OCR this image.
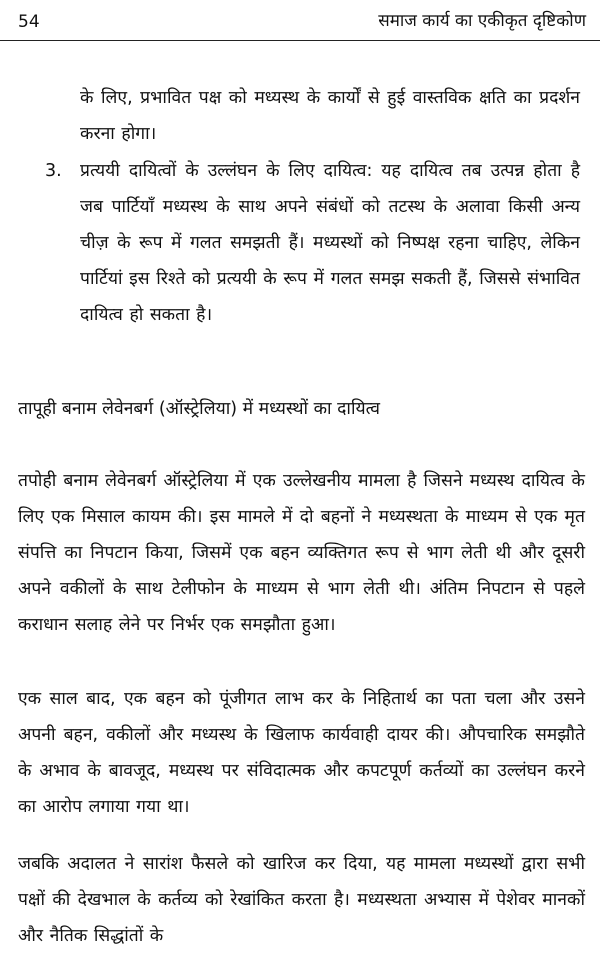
54	समाज कार्य का एकीकृत दृष्टिकोण

के लिए, प्रभावित पक्ष को मध्यस्थ के कार्यों से हुई वास्तविक क्षति का प्रदर्शन करना होगा।

3. प्रत्ययी दायित्वों के उल्लंघन के लिए दायित्व: यह दायित्व तब उत्पन्न होता है जब पार्टियाँ मध्यस्थ के साथ अपने संबंधों को तटस्थ के अलावा किसी अन्य चीज़ के रूप में गलत समझती हैं। मध्यस्थों को निष्पक्ष रहना चाहिए, लेकिन पार्टियां इस रिश्ते को प्रत्ययी के रूप में गलत समझ सकती हैं, जिससे संभावित दायित्व हो सकता है।

तापूही बनाम लेवेनबर्ग (ऑस्ट्रेलिया) में मध्यस्थों का दायित्व

तपोही बनाम लेवेनबर्ग ऑस्ट्रेलिया में एक उल्लेखनीय मामला है जिसने मध्यस्थ दायित्व के लिए एक मिसाल कायम की। इस मामले में दो बहनों ने मध्यस्थता के माध्यम से एक मृत संपत्ति का निपटान किया, जिसमें एक बहन व्यक्तिगत रूप से भाग लेती थी और दूसरी अपने वकीलों के साथ टेलीफोन के माध्यम से भाग लेती थी। अंतिम निपटान से पहले कराधान सलाह लेने पर निर्भर एक समझौता हुआ।

एक साल बाद, एक बहन को पूंजीगत लाभ कर के निहितार्थ का पता चला और उसने अपनी बहन, वकीलों और मध्यस्थ के खिलाफ कार्यवाही दायर की। औपचारिक समझौते के अभाव के बावजूद, मध्यस्थ पर संविदात्मक और कपटपूर्ण कर्तव्यों का उल्लंघन करने का आरोप लगाया गया था।

जबकि अदालत ने सारांश फैसले को खारिज कर दिया, यह मामला मध्यस्थों द्वारा सभी पक्षों की देखभाल के कर्तव्य को रेखांकित करता है। मध्यस्थता अभ्यास में पेशेवर मानकों और नैतिक सिद्धांतों के
